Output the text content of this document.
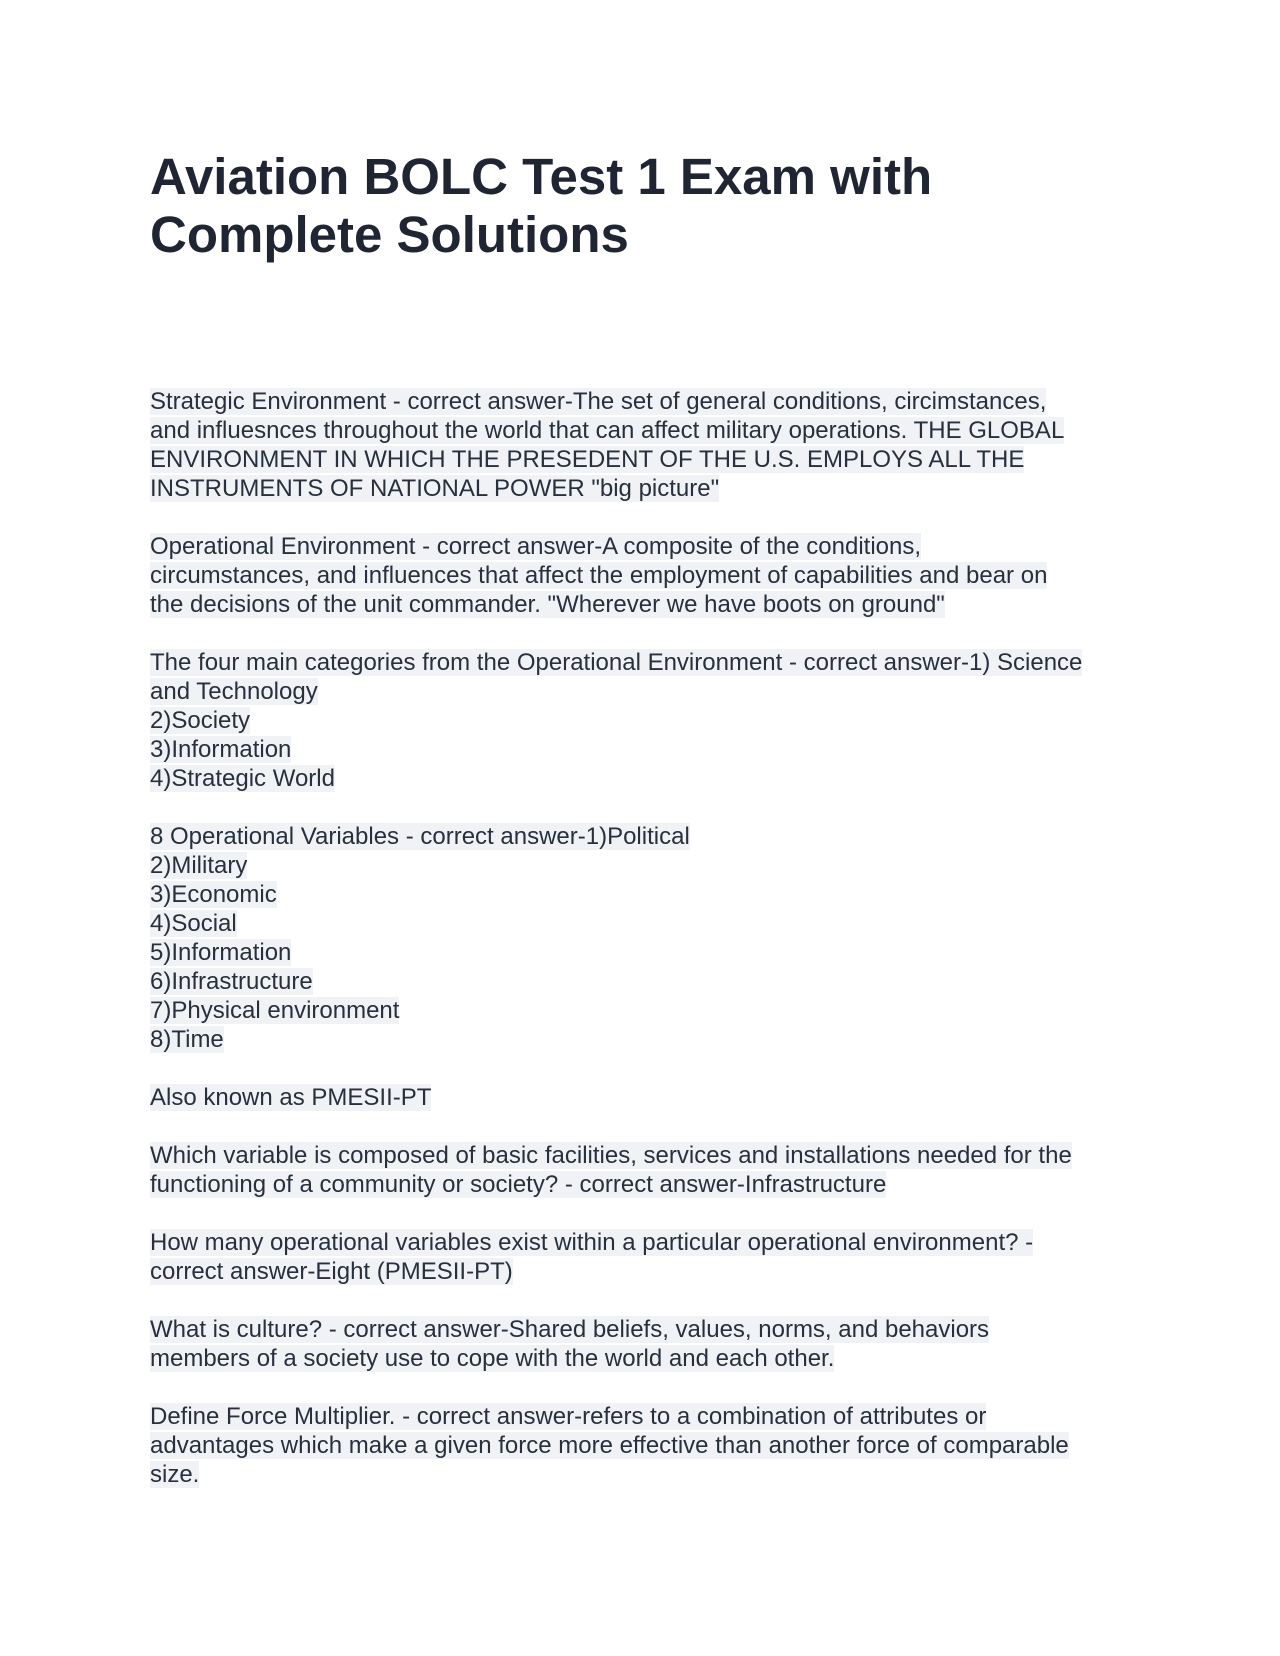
Aviation BOLC Test 1 Exam with
Complete Solutions
Strategic Environment - correct answer-The set of general conditions, circimstances,
and influesnces throughout the world that can affect military operations. THE GLOBAL
ENVIRONMENT IN WHICH THE PRESEDENT OF THE U.S. EMPLOYS ALL THE
INSTRUMENTS OF NATIONAL POWER "big picture"
Operational Environment - correct answer-A composite of the conditions,
circumstances, and influences that affect the employment of capabilities and bear on
the decisions of the unit commander. "Wherever we have boots on ground"
The four main categories from the Operational Environment - correct answer-1) Science
and Technology
2)Society
3)Information
4)Strategic World
8 Operational Variables - correct answer-1)Political
2)Military
3)Economic
4)Social
5)Information
6)Infrastructure
7)Physical environment
8)Time
Also known as PMESII-PT
Which variable is composed of basic facilities, services and installations needed for the
functioning of a community or society? - correct answer-Infrastructure
How many operational variables exist within a particular operational environment? -
correct answer-Eight (PMESII-PT)
What is culture? - correct answer-Shared beliefs, values, norms, and behaviors
members of a society use to cope with the world and each other.
Define Force Multiplier. - correct answer-refers to a combination of attributes or
advantages which make a given force more effective than another force of comparable
size.
